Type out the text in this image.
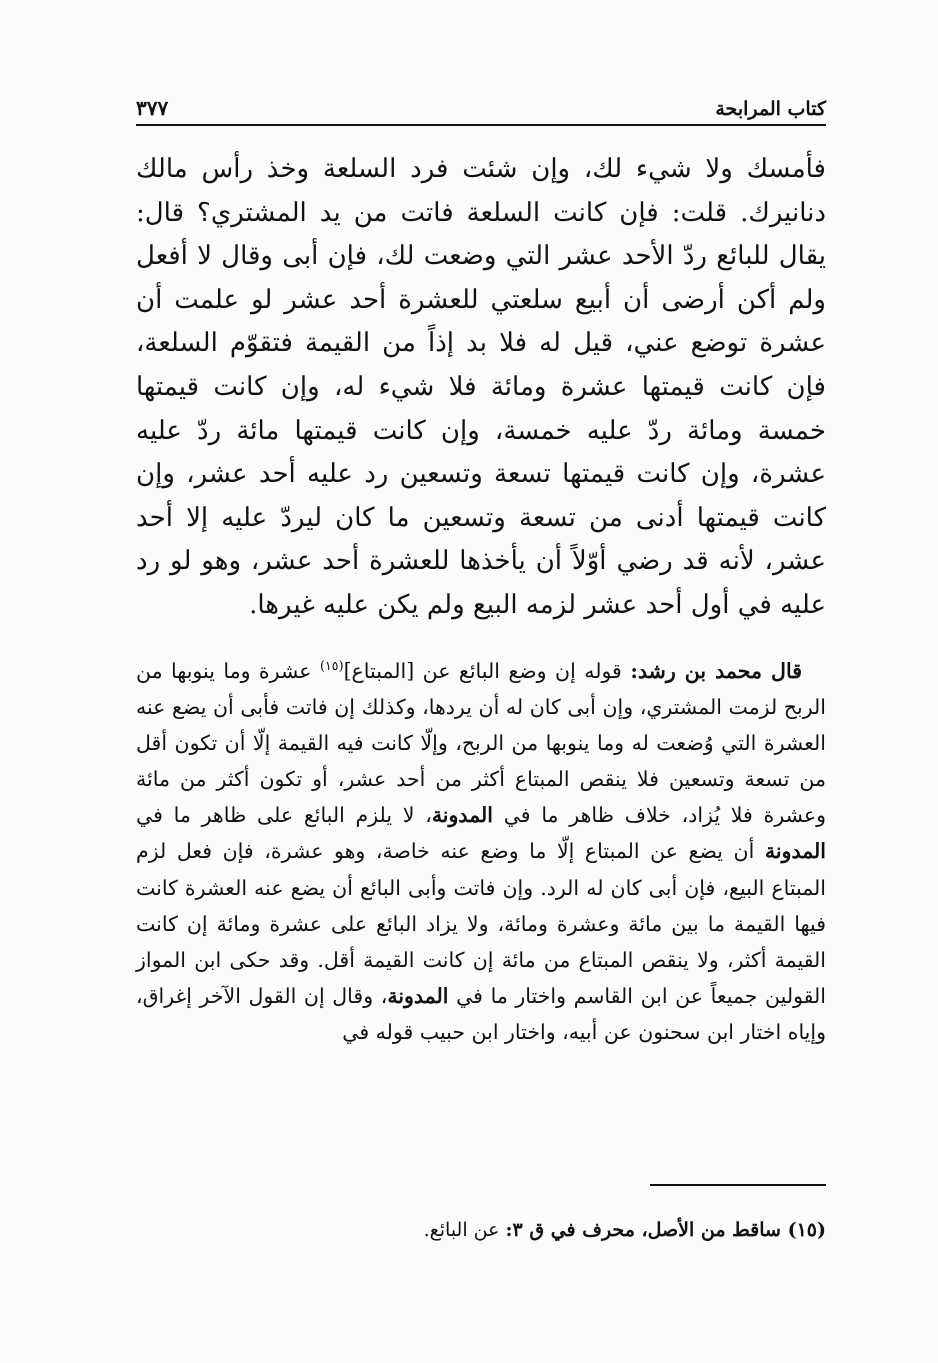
كتاب المرابحة
٣٧٧

فأمسك ولا شيء لك، وإن شئت فرد السلعة وخذ رأس مالك دنانيرك. قلت: فإن كانت السلعة فاتت من يد المشتري؟ قال: يقال للبائع ردّ الأحد عشر التي وضعت لك، فإن أبى وقال لا أفعل ولم أكن أرضى أن أبيع سلعتي للعشرة أحد عشر لو علمت أن عشرة توضع عني، قيل له فلا بد إذاً من القيمة فتقوّم السلعة، فإن كانت قيمتها عشرة ومائة فلا شيء له، وإن كانت قيمتها خمسة ومائة ردّ عليه خمسة، وإن كانت قيمتها مائة ردّ عليه عشرة، وإن كانت قيمتها تسعة وتسعين رد عليه أحد عشر، وإن كانت قيمتها أدنى من تسعة وتسعين ما كان ليردّ عليه إلا أحد عشر، لأنه قد رضي أوّلاً أن يأخذها للعشرة أحد عشر، وهو لو رد عليه في أول أحد عشر لزمه البيع ولم يكن عليه غيرها.

قال محمد بن رشد: قوله إن وضع البائع عن [المبتاع]$^{(١٥)}$ عشرة وما ينوبها من الربح لزمت المشتري، وإن أبى كان له أن يردها، وكذلك إن فاتت فأبى أن يضع عنه العشرة التي وُضعت له وما ينوبها من الربح، وإلّا كانت فيه القيمة إلّا أن تكون أقل من تسعة وتسعين فلا ينقص المبتاع أكثر من أحد عشر، أو تكون أكثر من مائة وعشرة فلا يُزاد، خلاف ظاهر ما في المدونة، لا يلزم البائع على ظاهر ما في المدونة أن يضع عن المبتاع إلّا ما وضع عنه خاصة، وهو عشرة، فإن فعل لزم المبتاع البيع، فإن أبى كان له الرد. وإن فاتت وأبى البائع أن يضع عنه العشرة كانت فيها القيمة ما بين مائة وعشرة ومائة، ولا يزاد البائع على عشرة ومائة إن كانت القيمة أكثر، ولا ينقص المبتاع من مائة إن كانت القيمة أقل. وقد حكى ابن المواز القولين جميعاً عن ابن القاسم واختار ما في المدونة، وقال إن القول الآخر إغراق، وإياه اختار ابن سحنون عن أبيه، واختار ابن حبيب قوله في

(١٥) ساقط من الأصل، محرف في ق ٣: عن البائع.
